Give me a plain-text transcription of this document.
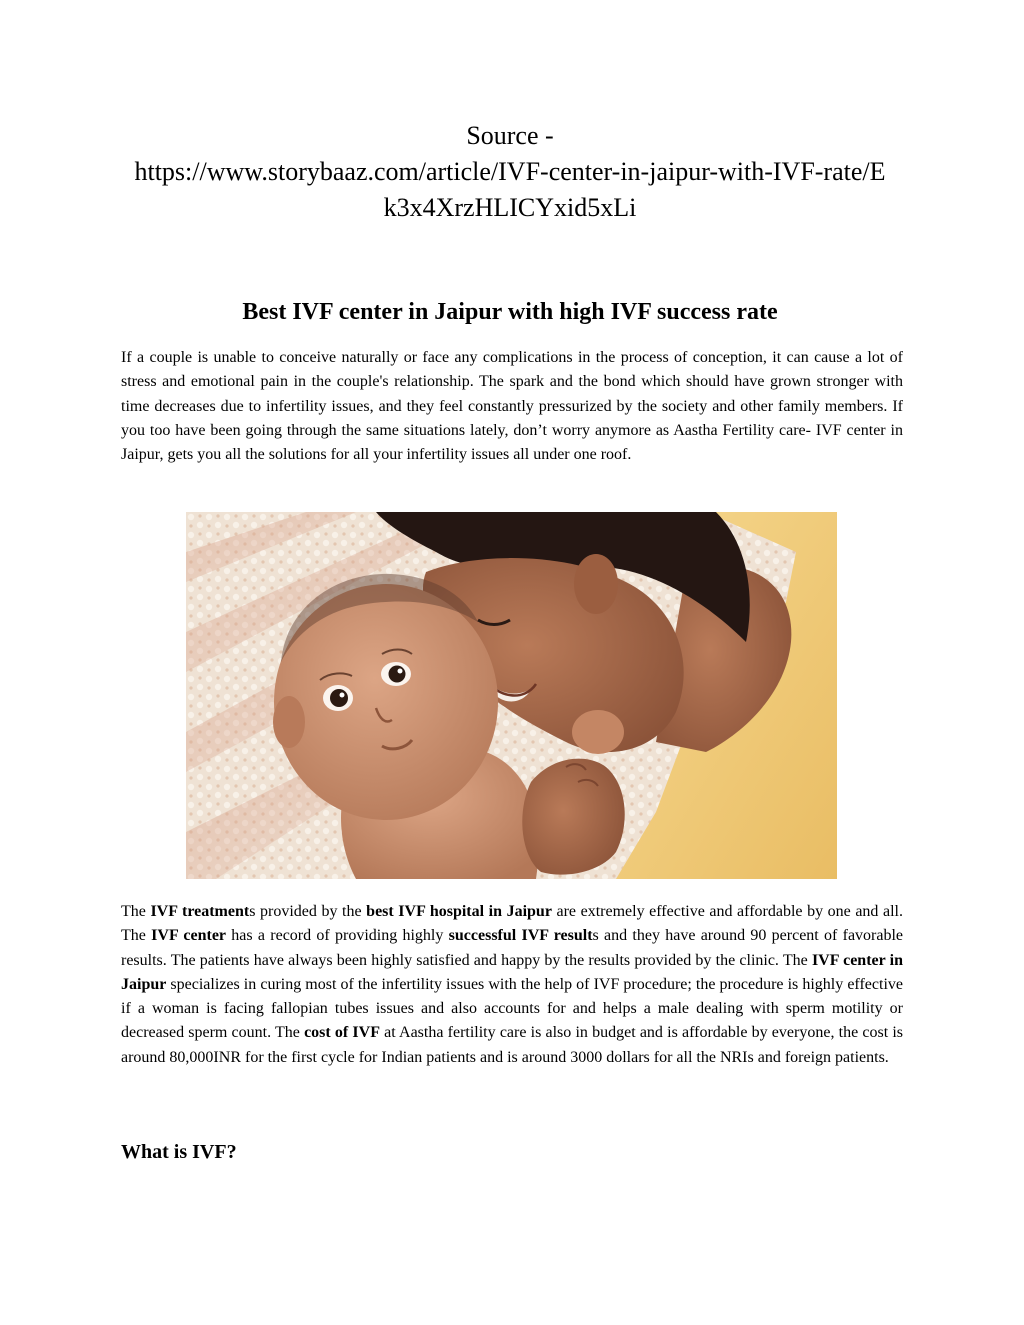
Source -
https://www.storybaaz.com/article/IVF-center-in-jaipur-with-IVF-rate/E
k3x4XrzHLICYxid5xLi
Best IVF center in Jaipur with high IVF success rate

If a couple is unable to conceive naturally or face any complications in the process of conception, it can cause a lot of stress and emotional pain in the couple's relationship. The spark and the bond which should have grown stronger with time decreases due to infertility issues, and they feel constantly pressurized by the society and other family members. If you too have been going through the same situations lately, don’t worry anymore as Aastha Fertility care- IVF center in Jaipur, gets you all the solutions for all your infertility issues all under one roof.

The IVF treatments provided by the best IVF hospital in Jaipur are extremely effective and affordable by one and all. The IVF center has a record of providing highly successful IVF results and they have around 90 percent of favorable results. The patients have always been highly satisfied and happy by the results provided by the clinic. The IVF center in Jaipur specializes in curing most of the infertility issues with the help of IVF procedure; the procedure is highly effective if a woman is facing fallopian tubes issues and also accounts for and helps a male dealing with sperm motility or decreased sperm count. The cost of IVF at Aastha fertility care is also in budget and is affordable by everyone, the cost is around 80,000INR for the first cycle for Indian patients and is around 3000 dollars for all the NRIs and foreign patients.

What is IVF?
